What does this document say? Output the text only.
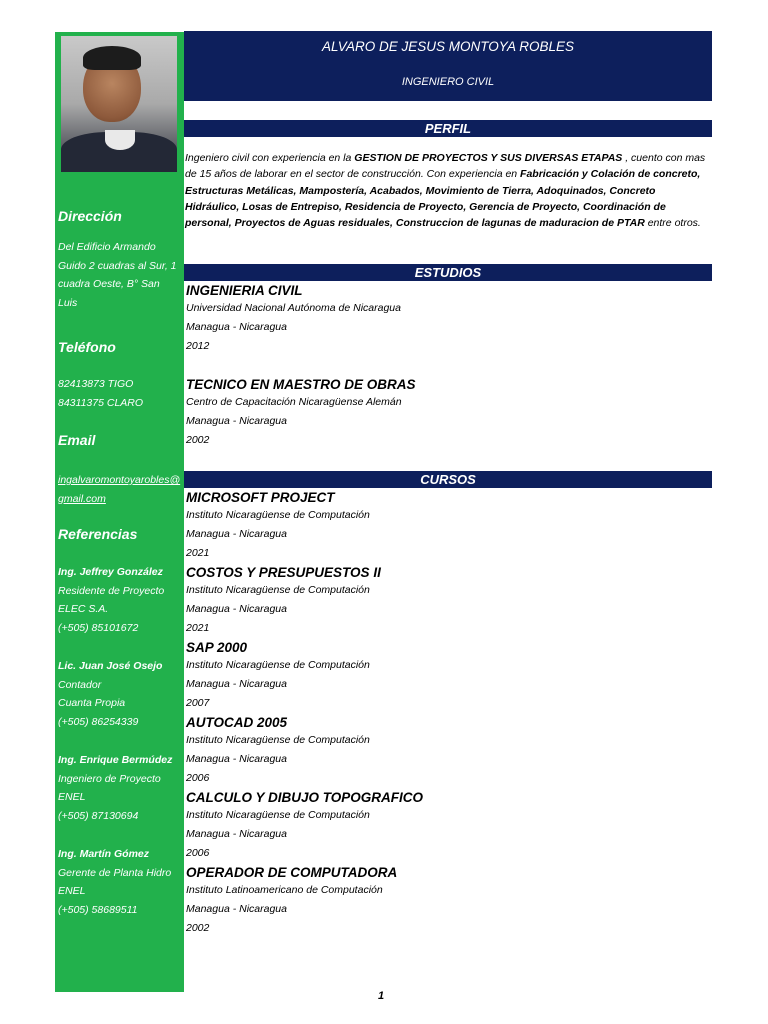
Dirección
Del Edificio Armando
Guido 2 cuadras al Sur, 1
cuadra Oeste, B° San
Luis
Teléfono
82413873 TIGO
84311375 CLARO
Email
ingalvaromontoyarobles@
gmail.com
Referencias
Ing. Jeffrey González
Residente de Proyecto
ELEC S.A.
(+505) 85101672
Lic. Juan José Osejo
Contador
Cuanta Propia
(+505) 86254339
Ing. Enrique Bermúdez
Ingeniero de Proyecto
ENEL
(+505) 87130694
Ing. Martín Gómez
Gerente de Planta Hidro
ENEL
(+505) 58689511
ALVARO DE JESUS MONTOYA ROBLES
INGENIERO CIVIL
PERFIL
Ingeniero civil con experiencia en la GESTION DE PROYECTOS Y SUS DIVERSAS ETAPAS , cuento con mas de 15 años de laborar en el sector de construcción. Con experiencia en Fabricación y Colación de concreto, Estructuras Metálicas, Mampostería, Acabados, Movimiento de Tierra, Adoquinados, Concreto Hidráulico, Losas de Entrepiso, Residencia de Proyecto, Gerencia de Proyecto, Coordinación de personal, Proyectos de Aguas residuales, Construccion de lagunas de maduracion de PTAR entre otros.
ESTUDIOS
INGENIERIA CIVIL
Universidad Nacional Autónoma de Nicaragua
Managua - Nicaragua
2012
TECNICO EN MAESTRO DE OBRAS
Centro de Capacitación Nicaragüense Alemán
Managua - Nicaragua
2002
CURSOS
MICROSOFT PROJECT
Instituto Nicaragüense de Computación
Managua - Nicaragua
2021
COSTOS Y PRESUPUESTOS II
Instituto Nicaragüense de Computación
Managua - Nicaragua
2021
SAP 2000
Instituto Nicaragüense de Computación
Managua - Nicaragua
2007
AUTOCAD 2005
Instituto Nicaragüense de Computación
Managua - Nicaragua
2006
CALCULO Y DIBUJO TOPOGRAFICO
Instituto Nicaragüense de Computación
Managua - Nicaragua
2006
OPERADOR DE COMPUTADORA
Instituto Latinoamericano de Computación
Managua - Nicaragua
2002
1
